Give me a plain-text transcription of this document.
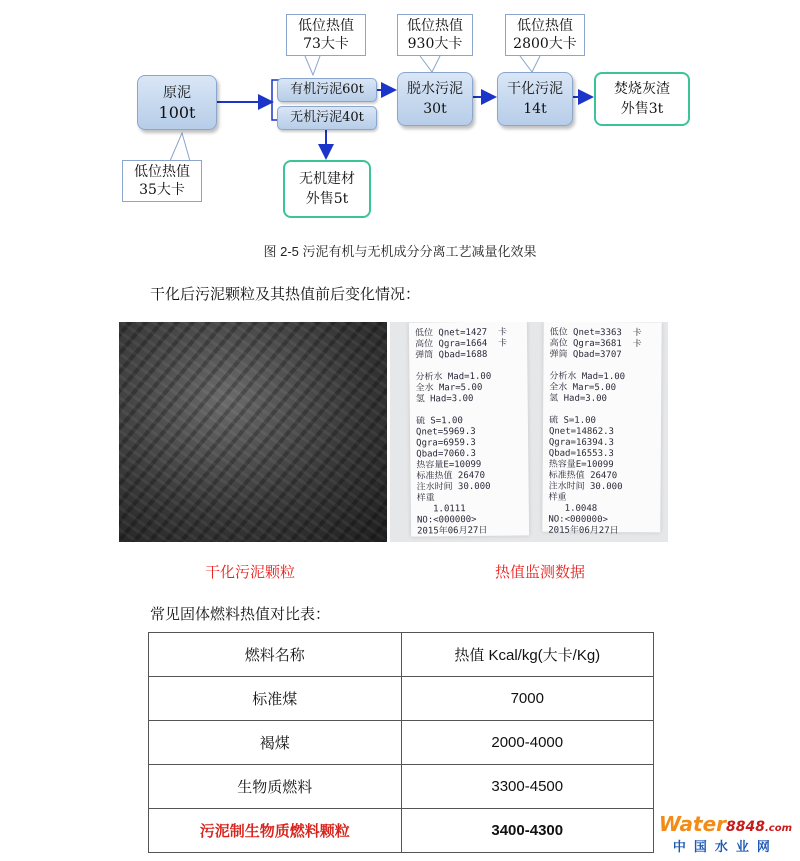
原泥
100t
有机污泥60t
无机污泥40t
脱水污泥
30t
干化污泥
14t
焚烧灰渣
外售3t
无机建材
外售5t
低位热值
73大卡
低位热值
930大卡
低位热值
2800大卡
低位热值
35大卡
图 2-5 污泥有机与无机成分分离工艺减量化效果
干化后污泥颗粒及其热值前后变化情况：
低位 Qnet=1427  卡
高位 Qgra=1664  卡
弹筒 Qbad=1688

分析水 Mad=1.00
全水 Mar=5.00
氢 Had=3.00

硫 S=1.00
Qnet=5969.3
Qgra=6959.3
Qbad=7060.3
热容量E=10099
标准热值 26470
注水时间 30.000
样重
1.0111
NO:<000000>
2015年06月27日
低位 Qnet=3363  卡
高位 Qgra=3681  卡
弹筒 Qbad=3707

分析水 Mad=1.00
全水 Mar=5.00
氢 Had=3.00

硫 S=1.00
Qnet=14862.3
Qgra=16394.3
Qbad=16553.3
热容量E=10099
标准热值 26470
注水时间 30.000
样重
1.0048
NO:<000000>
2015年06月27日
干化污泥颗粒	热值监测数据
常见固体燃料热值对比表：
燃料名称	热值 Kcal/kg(大卡/Kg)
标准煤	7000
褐煤	2000-4000
生物质燃料	3300-4500
污泥制生物质燃料颗粒	3400-4300	Water8848.com
中国水业网
